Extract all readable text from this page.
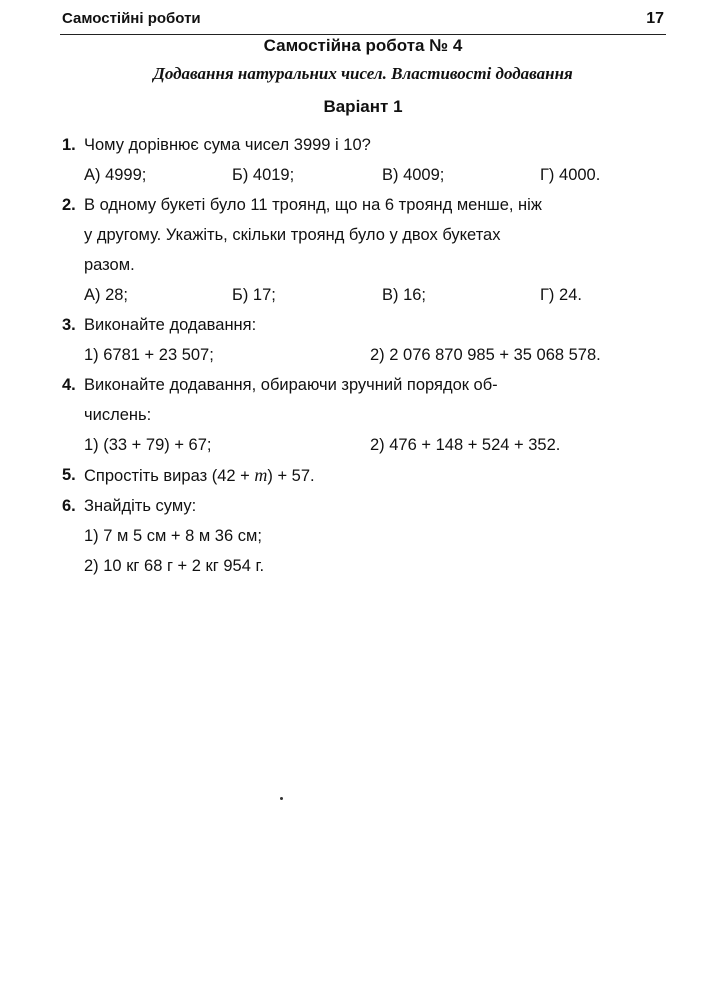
Самостійні роботи	17
Самостійна робота № 4
Додавання натуральних чисел. Властивості додавання
Варіант 1
1. Чому дорівнює сума чисел 3999 і 10?
А) 4999;	Б) 4019;	В) 4009;	Г) 4000.
2. В одному букеті було 11 троянд, що на 6 троянд менше, ніж
у другому. Укажіть, скільки троянд було у двох букетах
разом.
А) 28;	Б) 17;	В) 16;	Г) 24.
3. Виконайте додавання:
1) 6781 + 23 507;	2) 2 076 870 985 + 35 068 578.
4. Виконайте додавання, обираючи зручний порядок об-
числень:
1) (33 + 79) + 67;	2) 476 + 148 + 524 + 352.
5. Спростіть вираз (42 + m) + 57.
6. Знайдіть суму:
1) 7 м 5 см + 8 м 36 см;
2) 10 кг 68 г + 2 кг 954 г.
